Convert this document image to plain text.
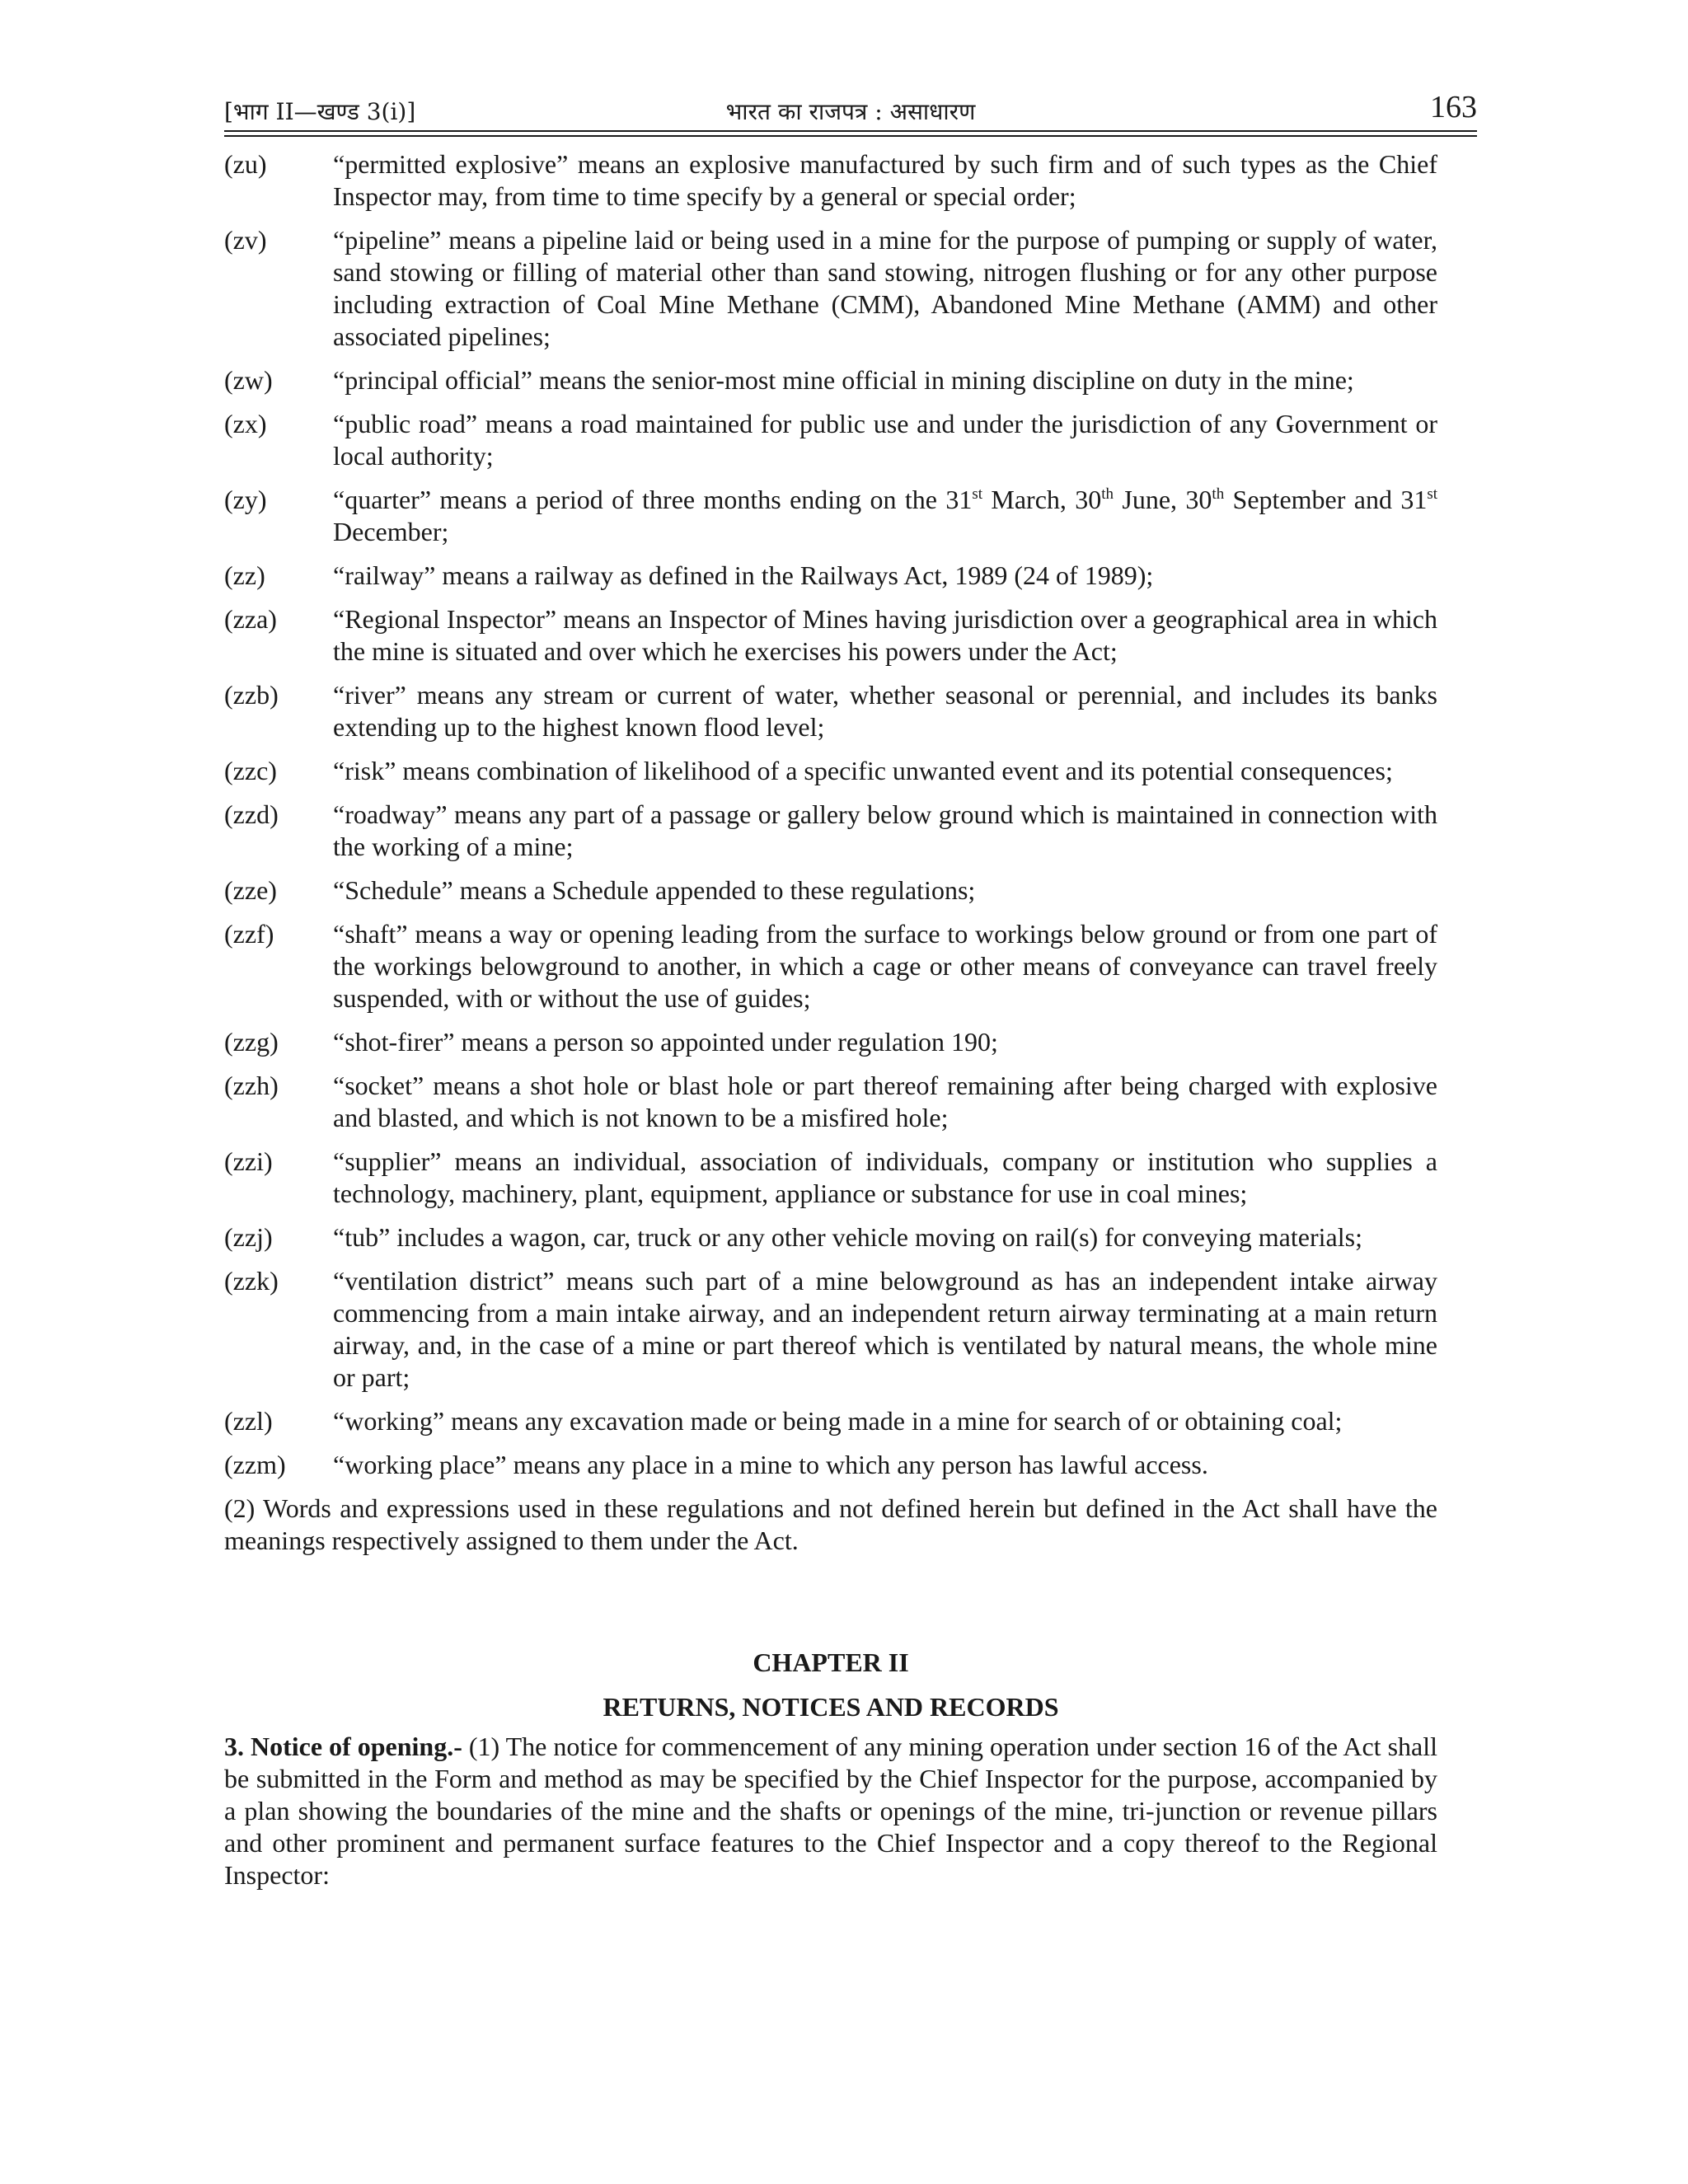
[भाग II—खण्ड 3(i)]	भारत का राजपत्र : असाधारण	163
(zu)	“permitted explosive” means an explosive manufactured by such firm and of such types as the Chief Inspector may, from time to time specify by a general or special order;
(zv)	“pipeline” means a pipeline laid or being used in a mine for the purpose of pumping or supply of water, sand stowing or filling of material other than sand stowing, nitrogen flushing or for any other purpose including extraction of Coal Mine Methane (CMM), Abandoned Mine Methane (AMM) and other associated pipelines;
(zw)	“principal official” means the senior-most mine official in mining discipline on duty in the mine;
(zx)	“public road” means a road maintained for public use and under the jurisdiction of any Government or local authority;
(zy)	“quarter” means a period of three months ending on the 31st March, 30th June, 30th September and 31st December;
(zz)	“railway” means a railway as defined in the Railways Act, 1989 (24 of 1989);
(zza)	“Regional Inspector” means an Inspector of Mines having jurisdiction over a geographical area in which the mine is situated and over which he exercises his powers under the Act;
(zzb)	“river” means any stream or current of water, whether seasonal or perennial, and includes its banks extending up to the highest known flood level;
(zzc)	“risk” means combination of likelihood of a specific unwanted event and its potential consequences;
(zzd)	“roadway” means any part of a passage or gallery below ground which is maintained in connection with the working of a mine;
(zze)	“Schedule” means a Schedule appended to these regulations;
(zzf)	“shaft” means a way or opening leading from the surface to workings below ground or from one part of the workings belowground to another, in which a cage or other means of conveyance can travel freely suspended, with or without the use of guides;
(zzg)	“shot-firer” means a person so appointed under regulation 190;
(zzh)	“socket” means a shot hole or blast hole or part thereof remaining after being charged with explosive and blasted, and which is not known to be a misfired hole;
(zzi)	“supplier” means an individual, association of individuals, company or institution who supplies a technology, machinery, plant, equipment, appliance or substance for use in coal mines;
(zzj)	“tub” includes a wagon, car, truck or any other vehicle moving on rail(s) for conveying materials;
(zzk)	“ventilation district” means such part of a mine belowground as has an independent intake airway commencing from a main intake airway, and an independent return airway terminating at a main return airway, and, in the case of a mine or part thereof which is ventilated by natural means, the whole mine or part;
(zzl)	“working” means any excavation made or being made in a mine for search of or obtaining coal;
(zzm)	“working place” means any place in a mine to which any person has lawful access.
(2) Words and expressions used in these regulations and not defined herein but defined in the Act shall have the meanings respectively assigned to them under the Act.
CHAPTER II
RETURNS, NOTICES AND RECORDS
3. Notice of opening.- (1) The notice for commencement of any mining operation under section 16 of the Act shall be submitted in the Form and method as may be specified by the Chief Inspector for the purpose, accompanied by a plan showing the boundaries of the mine and the shafts or openings of the mine, tri-junction or revenue pillars and other prominent and permanent surface features to the Chief Inspector and a copy thereof to the Regional Inspector:
